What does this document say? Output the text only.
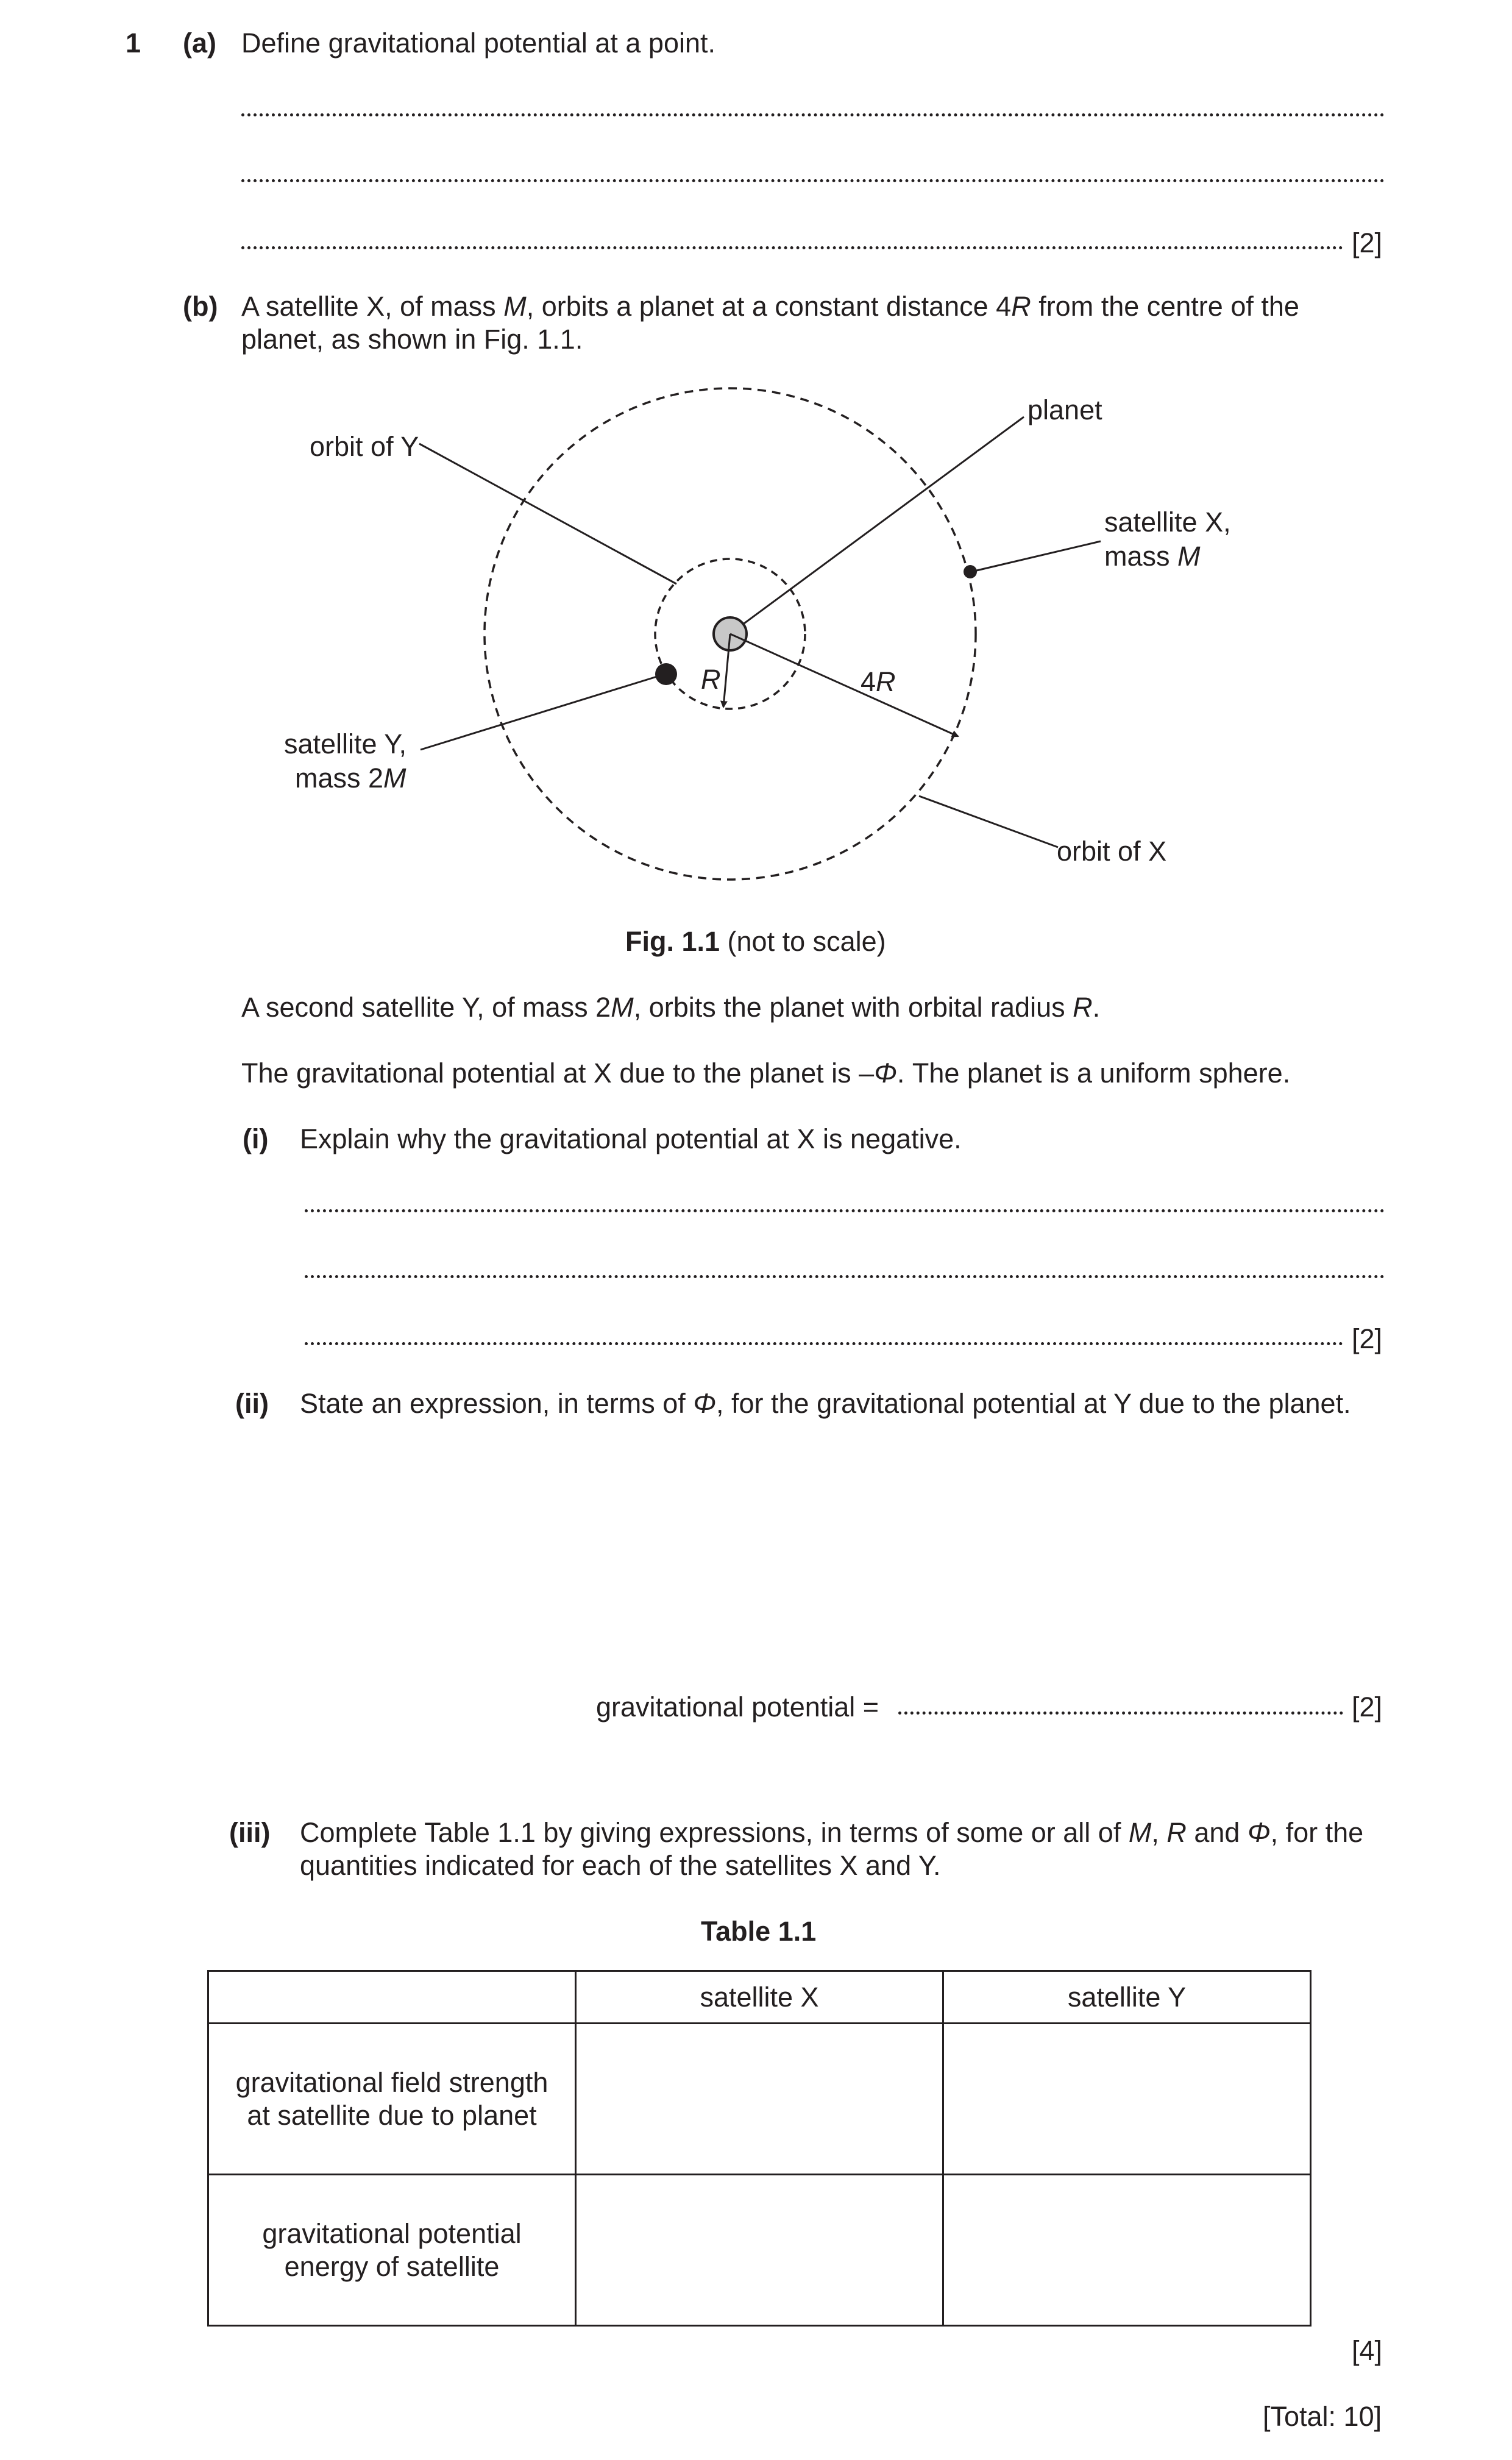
1 (a) Define gravitational potential at a point.
[2]
(b) A satellite X, of mass M, orbits a planet at a constant distance 4R from the centre of the
planet, as shown in Fig. 1.1.
orbit of Y
planet
satellite X,
mass M
satellite Y,
mass 2M
R	4R
orbit of X
Fig. 1.1 (not to scale)
A second satellite Y, of mass 2M, orbits the planet with orbital radius R.
The gravitational potential at X due to the planet is –Φ. The planet is a uniform sphere.
(i) Explain why the gravitational potential at X is negative.
[2]
(ii) State an expression, in terms of Φ, for the gravitational potential at Y due to the planet.
gravitational potential =	[2]
(iii) Complete Table 1.1 by giving expressions, in terms of some or all of M, R and Φ, for the
quantities indicated for each of the satellites X and Y.
Table 1.1
	satellite X	satellite Y
gravitational field strength
at satellite due to planet		
gravitational potential
energy of satellite		
[4]
[Total: 10]
